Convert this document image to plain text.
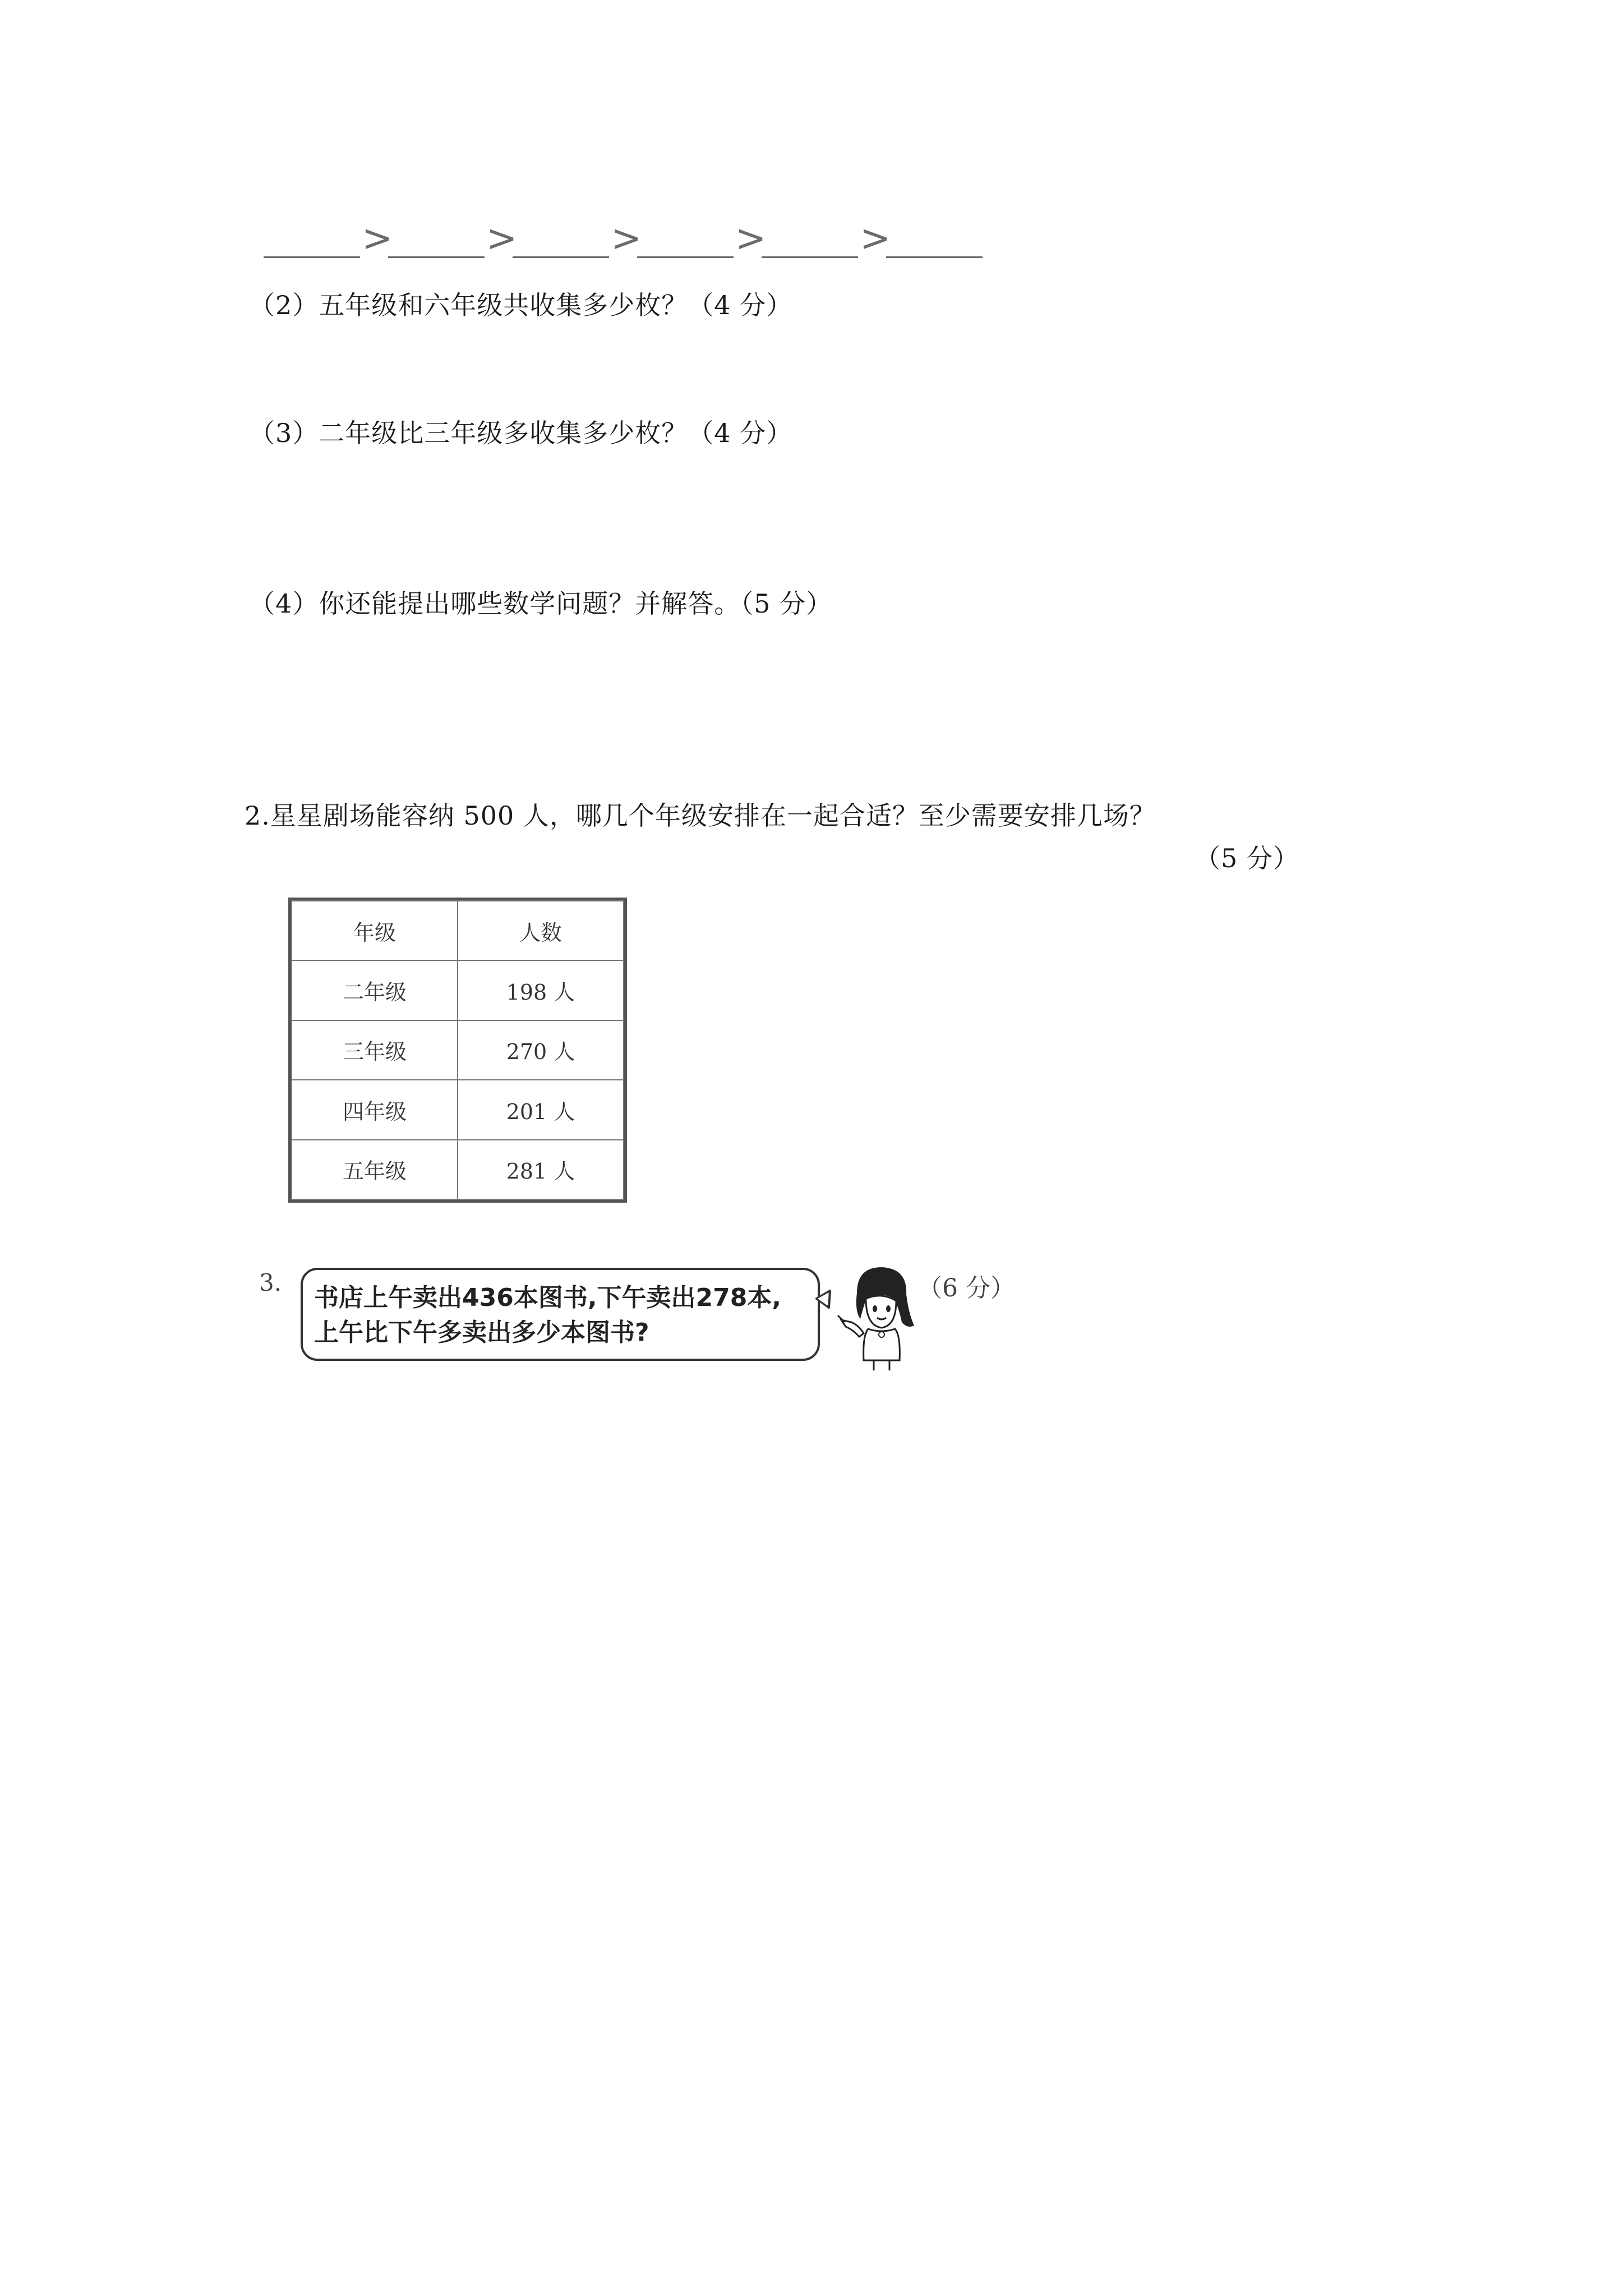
>	>	>	>	>
（2）五年级和六年级共收集多少枚？（4 分）
（3）二年级比三年级多收集多少枚？（4 分）
（4）你还能提出哪些数学问题？并解答。（5 分）
2.星星剧场能容纳 500 人，哪几个年级安排在一起合适？至少需要安排几场？
（5 分）
年级	人数
二年级	198 人
三年级	270 人
四年级	201 人
五年级	281 人
3.
书店上午卖出436本图书,下午卖出278本,
上午比下午多卖出多少本图书?
（6 分）
